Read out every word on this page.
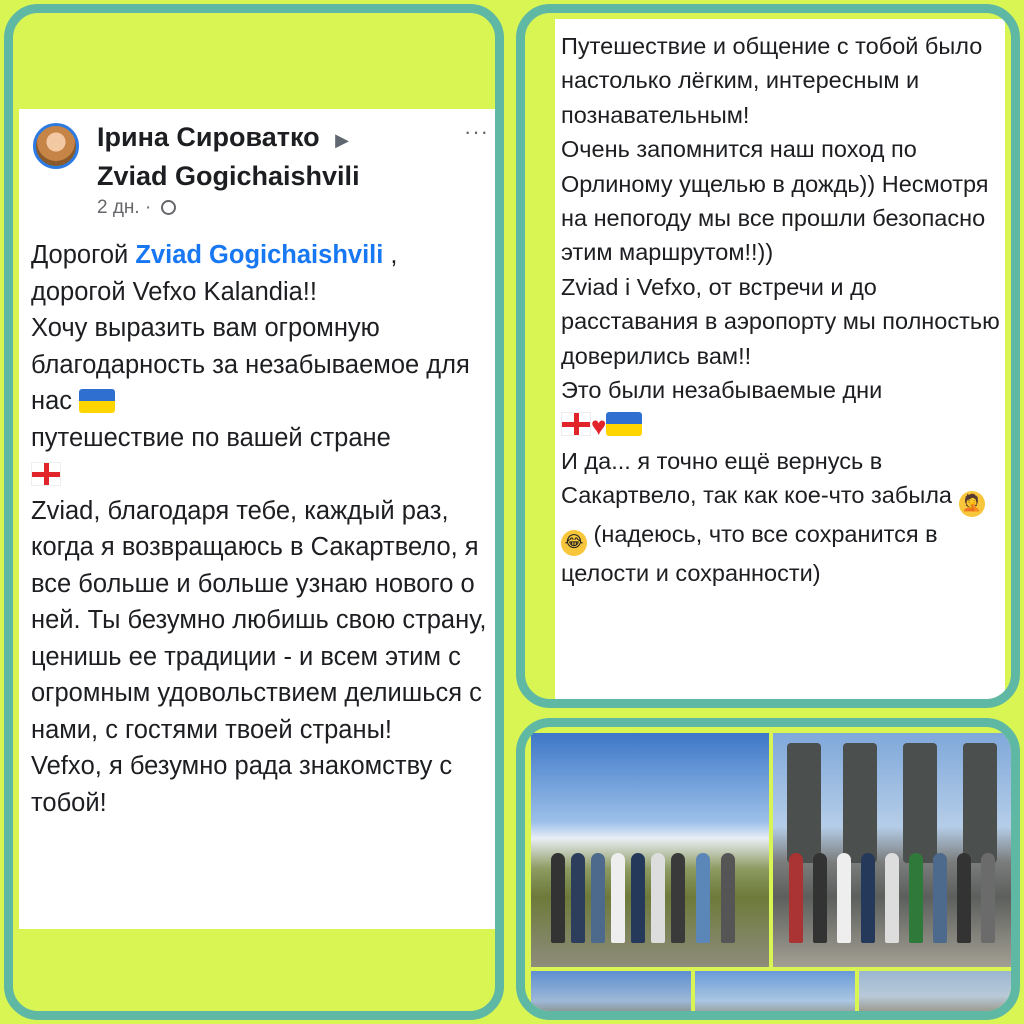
Ірина Сироватко ▶
Zviad Gogichaishvili
2 дн. ·
···

Дорогой Zviad Gogichaishvili ,

дорогой Vefxo Kalandia!!

Хочу выразить вам огромную благодарность за незабываемое для нас

путешествие по вашей стране

Zviad, благодаря тебе, каждый раз, когда я возвращаюсь в Сакартвело, я все больше и больше узнаю нового о ней. Ты безумно любишь свою страну, ценишь ее традиции - и всем этим с огромным удовольствием делишься с нами, с гостями твоей страны!

Vefxo, я безумно рада знакомству с тобой!

Путешествие и общение с тобой было настолько лёгким, интересным и познавательным!

Очень запомнится наш поход по Орлиному ущелью в дождь)) Несмотря на непогоду мы все прошли безопасно этим маршрутом!!))

Zviad і Vefxo, от встречи и до расставания в аэропорту мы полностью доверились вам!!

Это были незабываемые дни
♥

И да... я точно ещё вернусь в Сакартвело, так как кое-что забыла 🤦😂 (надеюсь, что все сохранится в целости и сохранности)
